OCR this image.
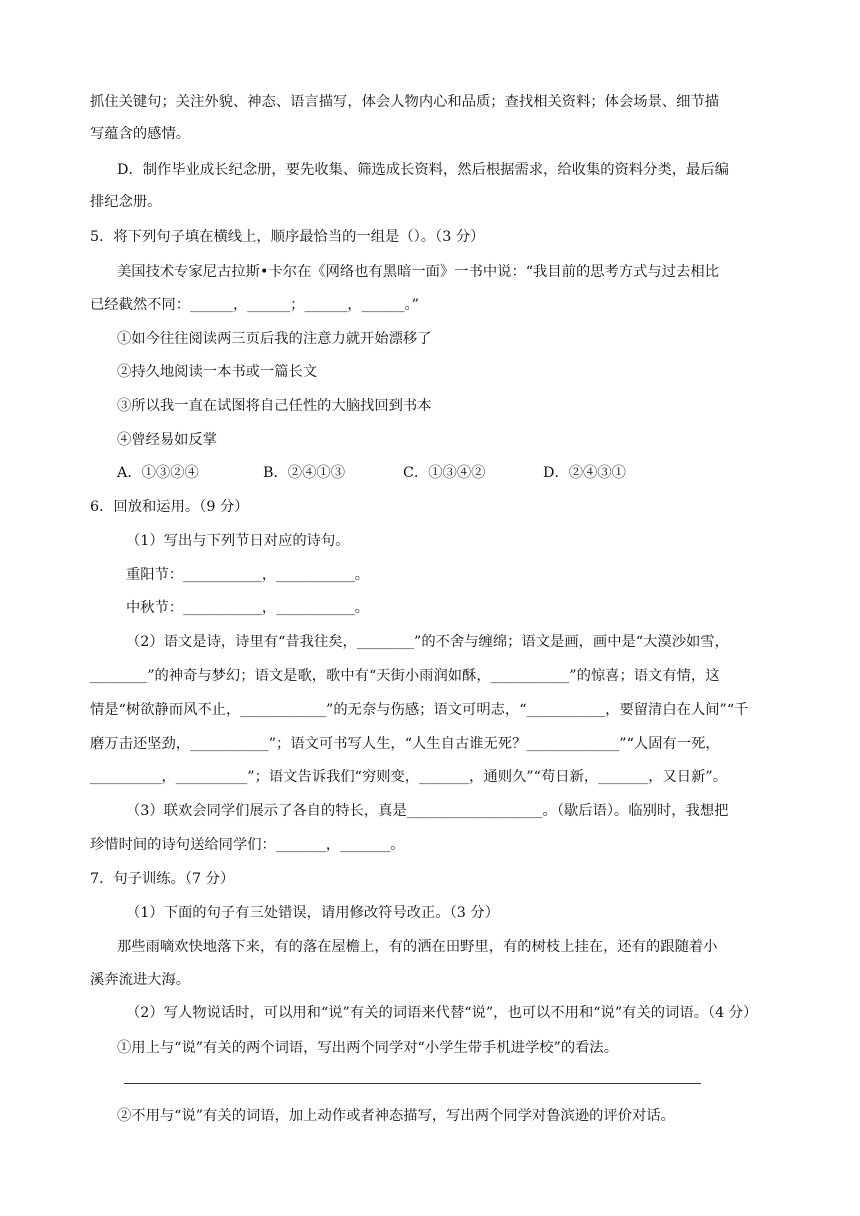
抓住关键句；关注外貌、神态、语言描写，体会人物内心和品质；查找相关资料；体会场景、细节描
写蕴含的感情。
D．制作毕业成长纪念册，要先收集、筛选成长资料，然后根据需求，给收集的资料分类，最后编
排纪念册。
5．将下列句子填在横线上，顺序最恰当的一组是（）。（3 分）
美国技术专家尼古拉斯•卡尔在《网络也有黑暗一面》一书中说：“我目前的思考方式与过去相比
已经截然不同：______，______；______，______。”
①如今往往阅读两三页后我的注意力就开始漂移了
②持久地阅读一本书或一篇长文
③所以我一直在试图将自己任性的大脑找回到书本
④曾经易如反掌
A．①③②④	B．②④①③	C．①③④②	D．②④③①
6．回放和运用。（9 分）
（1）写出与下列节日对应的诗句。
重阳节：___________，___________。
中秋节：___________，___________。
（2）语文是诗，诗里有“昔我往矣，________”的不舍与缠绵；语文是画，画中是“大漠沙如雪，
________”的神奇与梦幻；语文是歌，歌中有“天街小雨润如酥，___________”的惊喜；语文有情，这
情是“树欲静而风不止，____________”的无奈与伤感；语文可明志，“___________，要留清白在人间”“千
磨万击还坚劲，___________”；语文可书写人生，“人生自古谁无死？_____________”“人固有一死，
__________，__________”；语文告诉我们“穷则变，_______，通则久”“苟日新，_______，又日新”。
（3）联欢会同学们展示了各自的特长，真是___________________。（歇后语）。临别时，我想把
珍惜时间的诗句送给同学们：_______，_______。
7．句子训练。（7 分）
（1）下面的句子有三处错误，请用修改符号改正。（3 分）
那些雨嘀欢快地落下来，有的落在屋檐上，有的洒在田野里，有的树枝上挂在，还有的跟随着小
溪奔流进大海。
（2）写人物说话时，可以用和“说”有关的词语来代替“说”，也可以不用和“说”有关的词语。（4 分）
①用上与“说”有关的两个词语，写出两个同学对“小学生带手机进学校”的看法。
②不用与“说”有关的词语，加上动作或者神态描写，写出两个同学对鲁滨逊的评价对话。
